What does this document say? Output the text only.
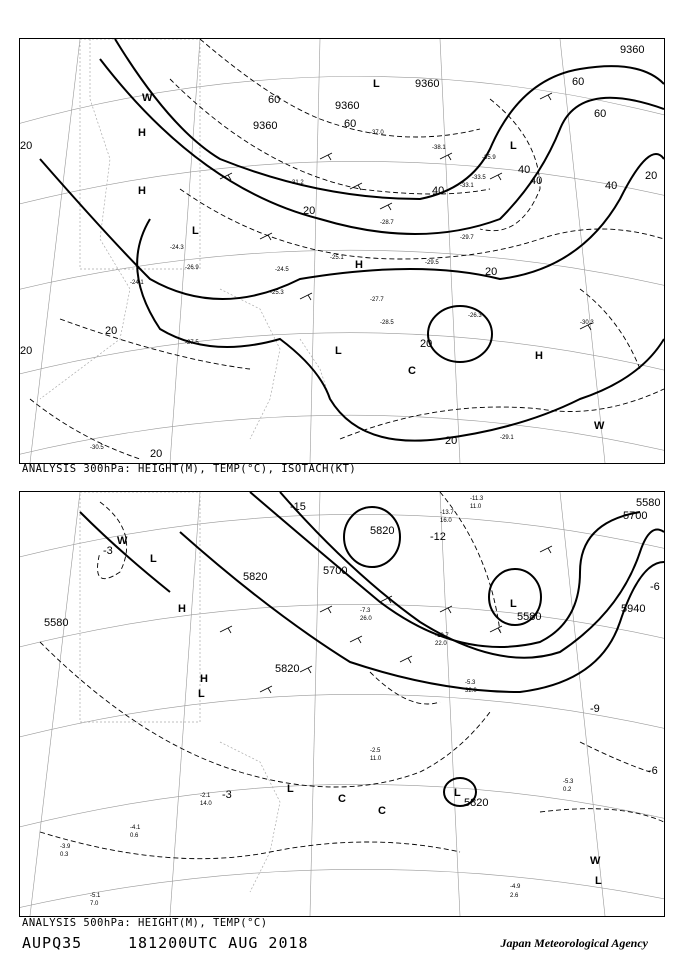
9360
9360
9360
9360
20
20
20
20
20
20
20
20
20
40
40
40	40
60
60
60
60
-24.3
-24.5
-25.3
-26.9
-27.5
-28.5
-27.7
-29.1
-30.3
-30.5
-33.1
-35.9
-38.1
-37.0
-33.5
-31.2
-29.7
-28.7
-29.5
-26.3
-25.1
-24.1
H
H
H
H
L
L
L
L
C
W
W
ANALYSIS 300hPa: HEIGHT(M), TEMP(°C), ISOTACH(KT)
5580
5700
5820
5820
5580
5940
5700
5820
5580
5820
-3
-3
-6
-6
-12
-15
-9
-5.3
0.2
-4.9
2.6
-5.1
7.0
-4.1
0.6
-3.9
0.3
-11.3
11.0
-13.7
16.0
-10.7
22.0
-7.3
26.0
-5.3
32.0
-2.5
11.0
-2.1
14.0
W
L
H
H
L
L
L
C
C
L
W
L
ANALYSIS 500hPa: HEIGHT(M), TEMP(°C)
AUPQ35	181200UTC AUG 2018	Japan Meteorological Agency
